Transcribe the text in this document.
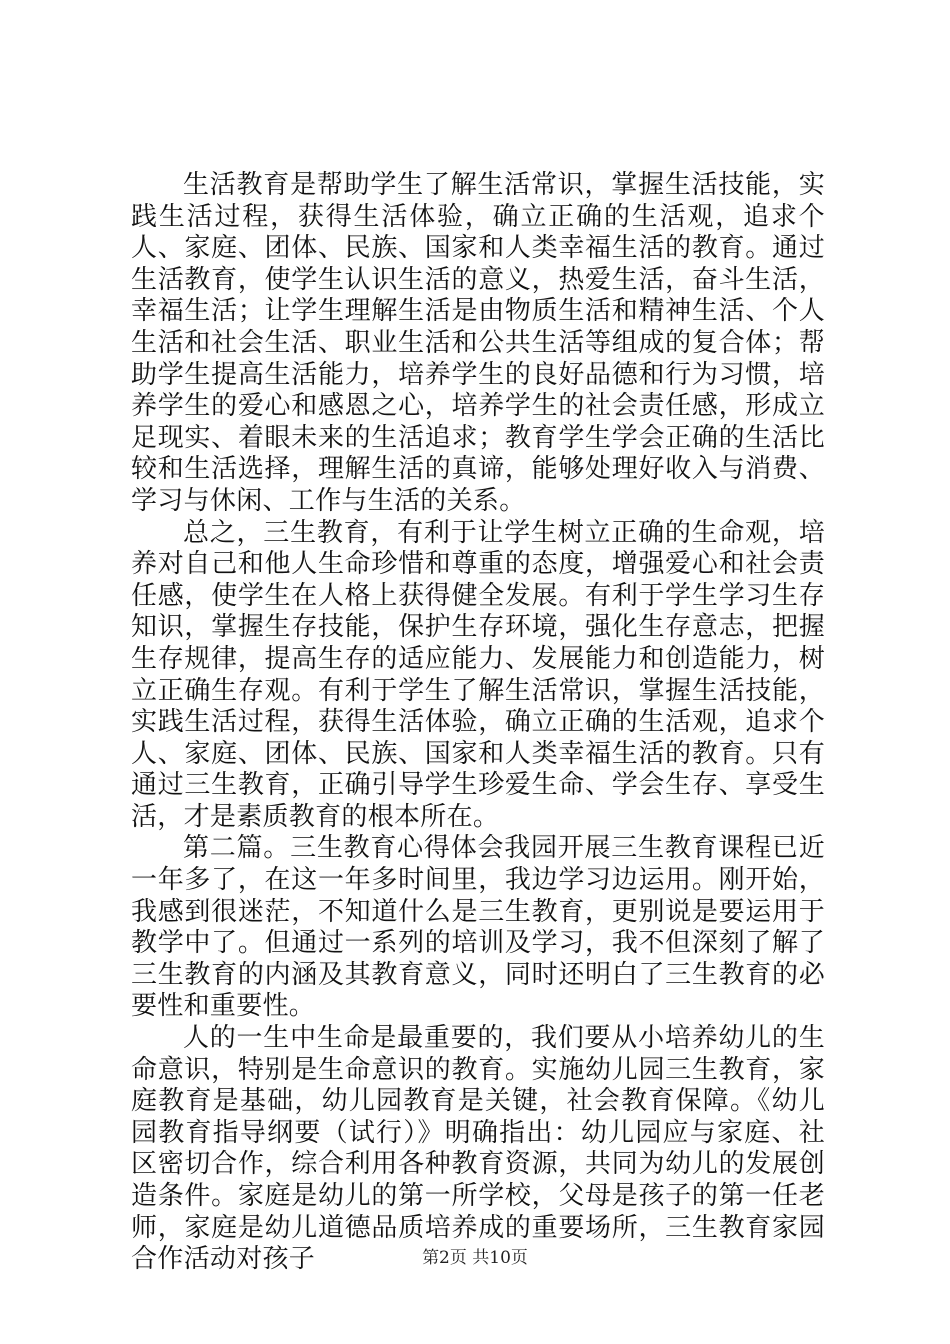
生活教育是帮助学生了解生活常识，掌握生活技能，实践生活过程，获得生活体验，确立正确的生活观，追求个人、家庭、团体、民族、国家和人类幸福生活的教育。通过生活教育，使学生认识生活的意义，热爱生活，奋斗生活，幸福生活；让学生理解生活是由物质生活和精神生活、个人生活和社会生活、职业生活和公共生活等组成的复合体；帮助学生提高生活能力，培养学生的良好品德和行为习惯，培养学生的爱心和感恩之心，培养学生的社会责任感，形成立足现实、着眼未来的生活追求；教育学生学会正确的生活比较和生活选择，理解生活的真谛，能够处理好收入与消费、学习与休闲、工作与生活的关系。

总之，三生教育，有利于让学生树立正确的生命观，培养对自己和他人生命珍惜和尊重的态度，增强爱心和社会责任感，使学生在人格上获得健全发展。有利于学生学习生存知识，掌握生存技能，保护生存环境，强化生存意志，把握生存规律，提高生存的适应能力、发展能力和创造能力，树立正确生存观。有利于学生了解生活常识，掌握生活技能，实践生活过程，获得生活体验，确立正确的生活观，追求个人、家庭、团体、民族、国家和人类幸福生活的教育。只有通过三生教育，正确引导学生珍爱生命、学会生存、享受生活，才是素质教育的根本所在。

第二篇。三生教育心得体会我园开展三生教育课程已近一年多了，在这一年多时间里，我边学习边运用。刚开始，我感到很迷茫，不知道什么是三生教育，更别说是要运用于教学中了。但通过一系列的培训及学习，我不但深刻了解了三生教育的内涵及其教育意义，同时还明白了三生教育的必要性和重要性。

人的一生中生命是最重要的，我们要从小培养幼儿的生命意识，特别是生命意识的教育。实施幼儿园三生教育，家庭教育是基础，幼儿园教育是关键，社会教育保障。《幼儿园教育指导纲要（试行）》明确指出：幼儿园应与家庭、社区密切合作，综合利用各种教育资源，共同为幼儿的发展创造条件。家庭是幼儿的第一所学校，父母是孩子的第一任老师，家庭是幼儿道德品质培养成的重要场所，三生教育家园合作活动对孩子	第2页 共10页
